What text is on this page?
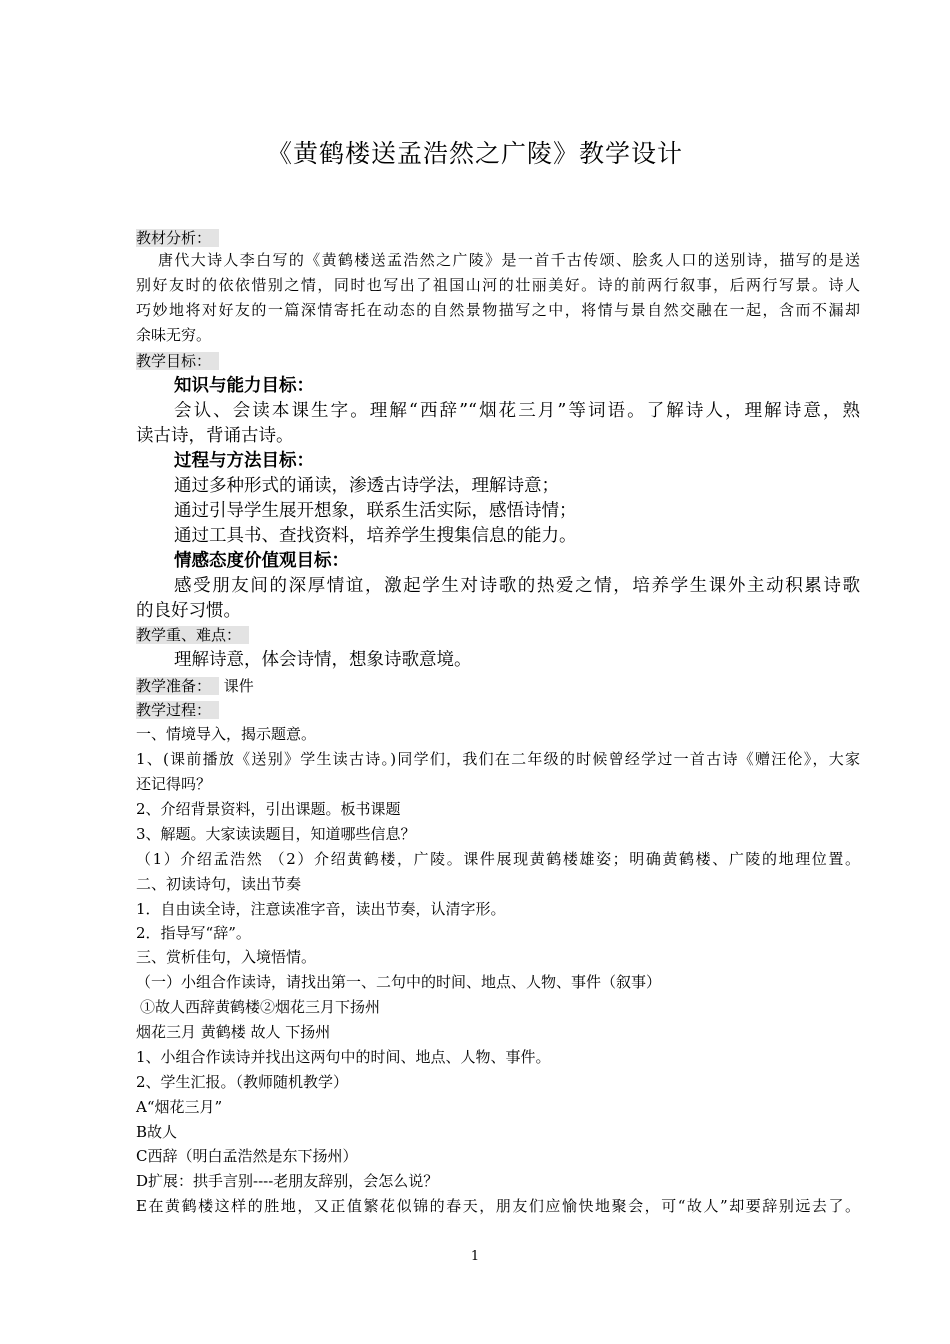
《黄鹤楼送孟浩然之广陵》教学设计
教材分析：
唐代大诗人李白写的《黄鹤楼送孟浩然之广陵》是一首千古传颂、脍炙人口的送别诗，描写的是送
别好友时的依依惜别之情，同时也写出了祖国山河的壮丽美好。诗的前两行叙事，后两行写景。诗人
巧妙地将对好友的一篇深情寄托在动态的自然景物描写之中，将情与景自然交融在一起，含而不漏却
余味无穷。
教学目标：
知识与能力目标：
会认、会读本课生字。理解“西辞”“烟花三月”等词语。了解诗人，理解诗意，熟
读古诗，背诵古诗。
过程与方法目标：
通过多种形式的诵读，渗透古诗学法，理解诗意；
通过引导学生展开想象，联系生活实际，感悟诗情；
通过工具书、查找资料，培养学生搜集信息的能力。
情感态度价值观目标：
感受朋友间的深厚情谊，激起学生对诗歌的热爱之情，培养学生课外主动积累诗歌
的良好习惯。
教学重、难点：
理解诗意，体会诗情，想象诗歌意境。
教学准备： 课件
教学过程：
一、情境导入，揭示题意。
1、(课前播放《送别》学生读古诗。)同学们，我们在二年级的时候曾经学过一首古诗《赠汪伦》，大家
还记得吗？
2、介绍背景资料，引出课题。板书课题
3、解题。大家读读题目，知道哪些信息？
（1）介绍孟浩然 （2）介绍黄鹤楼，广陵。课件展现黄鹤楼雄姿；明确黄鹤楼、广陵的地理位置。
二、初读诗句，读出节奏
1．自由读全诗，注意读准字音，读出节奏，认清字形。
2．指导写“辞”。
三、赏析佳句，入境悟情。
（一）小组合作读诗，请找出第一、二句中的时间、地点、人物、事件（叙事）
①故人西辞黄鹤楼②烟花三月下扬州
烟花三月 黄鹤楼 故人 下扬州
1、小组合作读诗并找出这两句中的时间、地点、人物、事件。
2、学生汇报。（教师随机教学）
A“烟花三月”
B故人
C西辞（明白孟浩然是东下扬州）
D扩展：拱手言别----老朋友辞别，会怎么说？
E在黄鹤楼这样的胜地，又正值繁花似锦的春天，朋友们应愉快地聚会，可“故人”却要辞别远去了。
1
